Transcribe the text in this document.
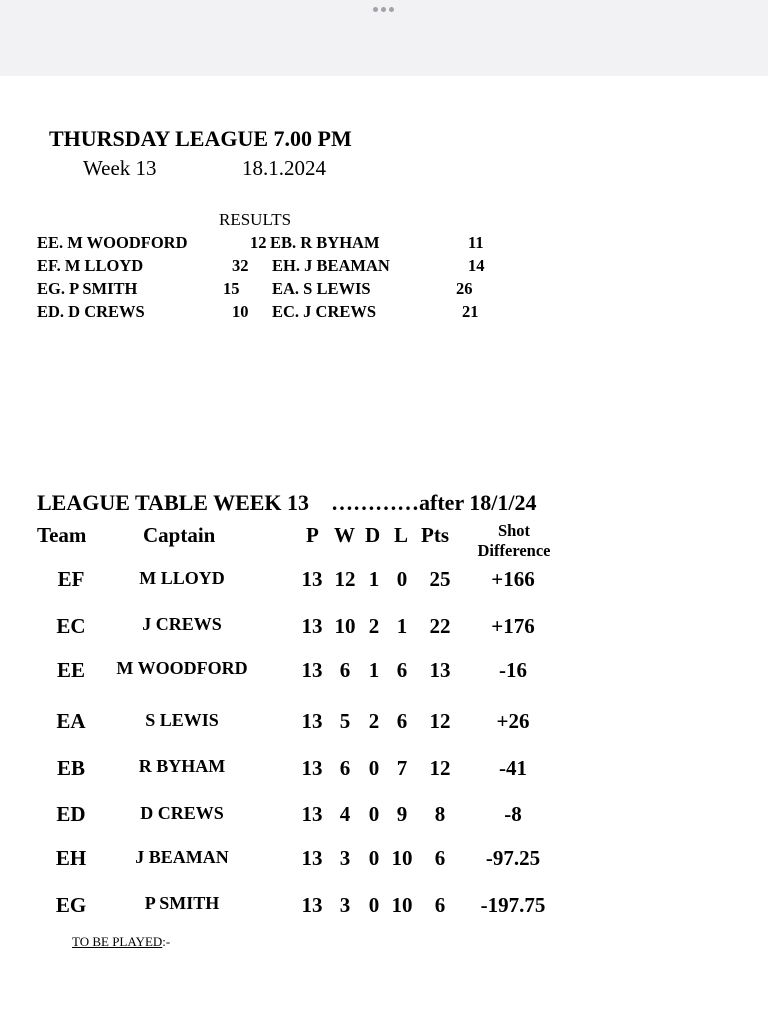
THURSDAY LEAGUE 7.00 PM
Week 13	18.1.2024
RESULTS
EE. M WOODFORD	12 EB. R BYHAM	11
EF. M LLOYD	32 EH. J BEAMAN	14
EG. P SMITH	15 EA. S LEWIS	26
ED. D CREWS	10 EC. J CREWS	21
LEAGUE TABLE WEEK 13    …………after 18/1/24
Team	Captain	P W D L Pts	Shot
Difference
EF	M LLOYD	13 12 1 0	25	+166
EC	J CREWS	13 10 2 1	22	+176
EE	M WOODFORD	13 6 1 6	13	-16
EA	S LEWIS	13 5 2 6	12	+26
EB	R BYHAM	13 6 0 7	12	-41
ED	D CREWS	13 4 0 9	8	-8
EH	J BEAMAN	13 3 0 10	6	-97.25
EG	P SMITH	13 3 0 10	6	-197.75
TO BE PLAYED:-
